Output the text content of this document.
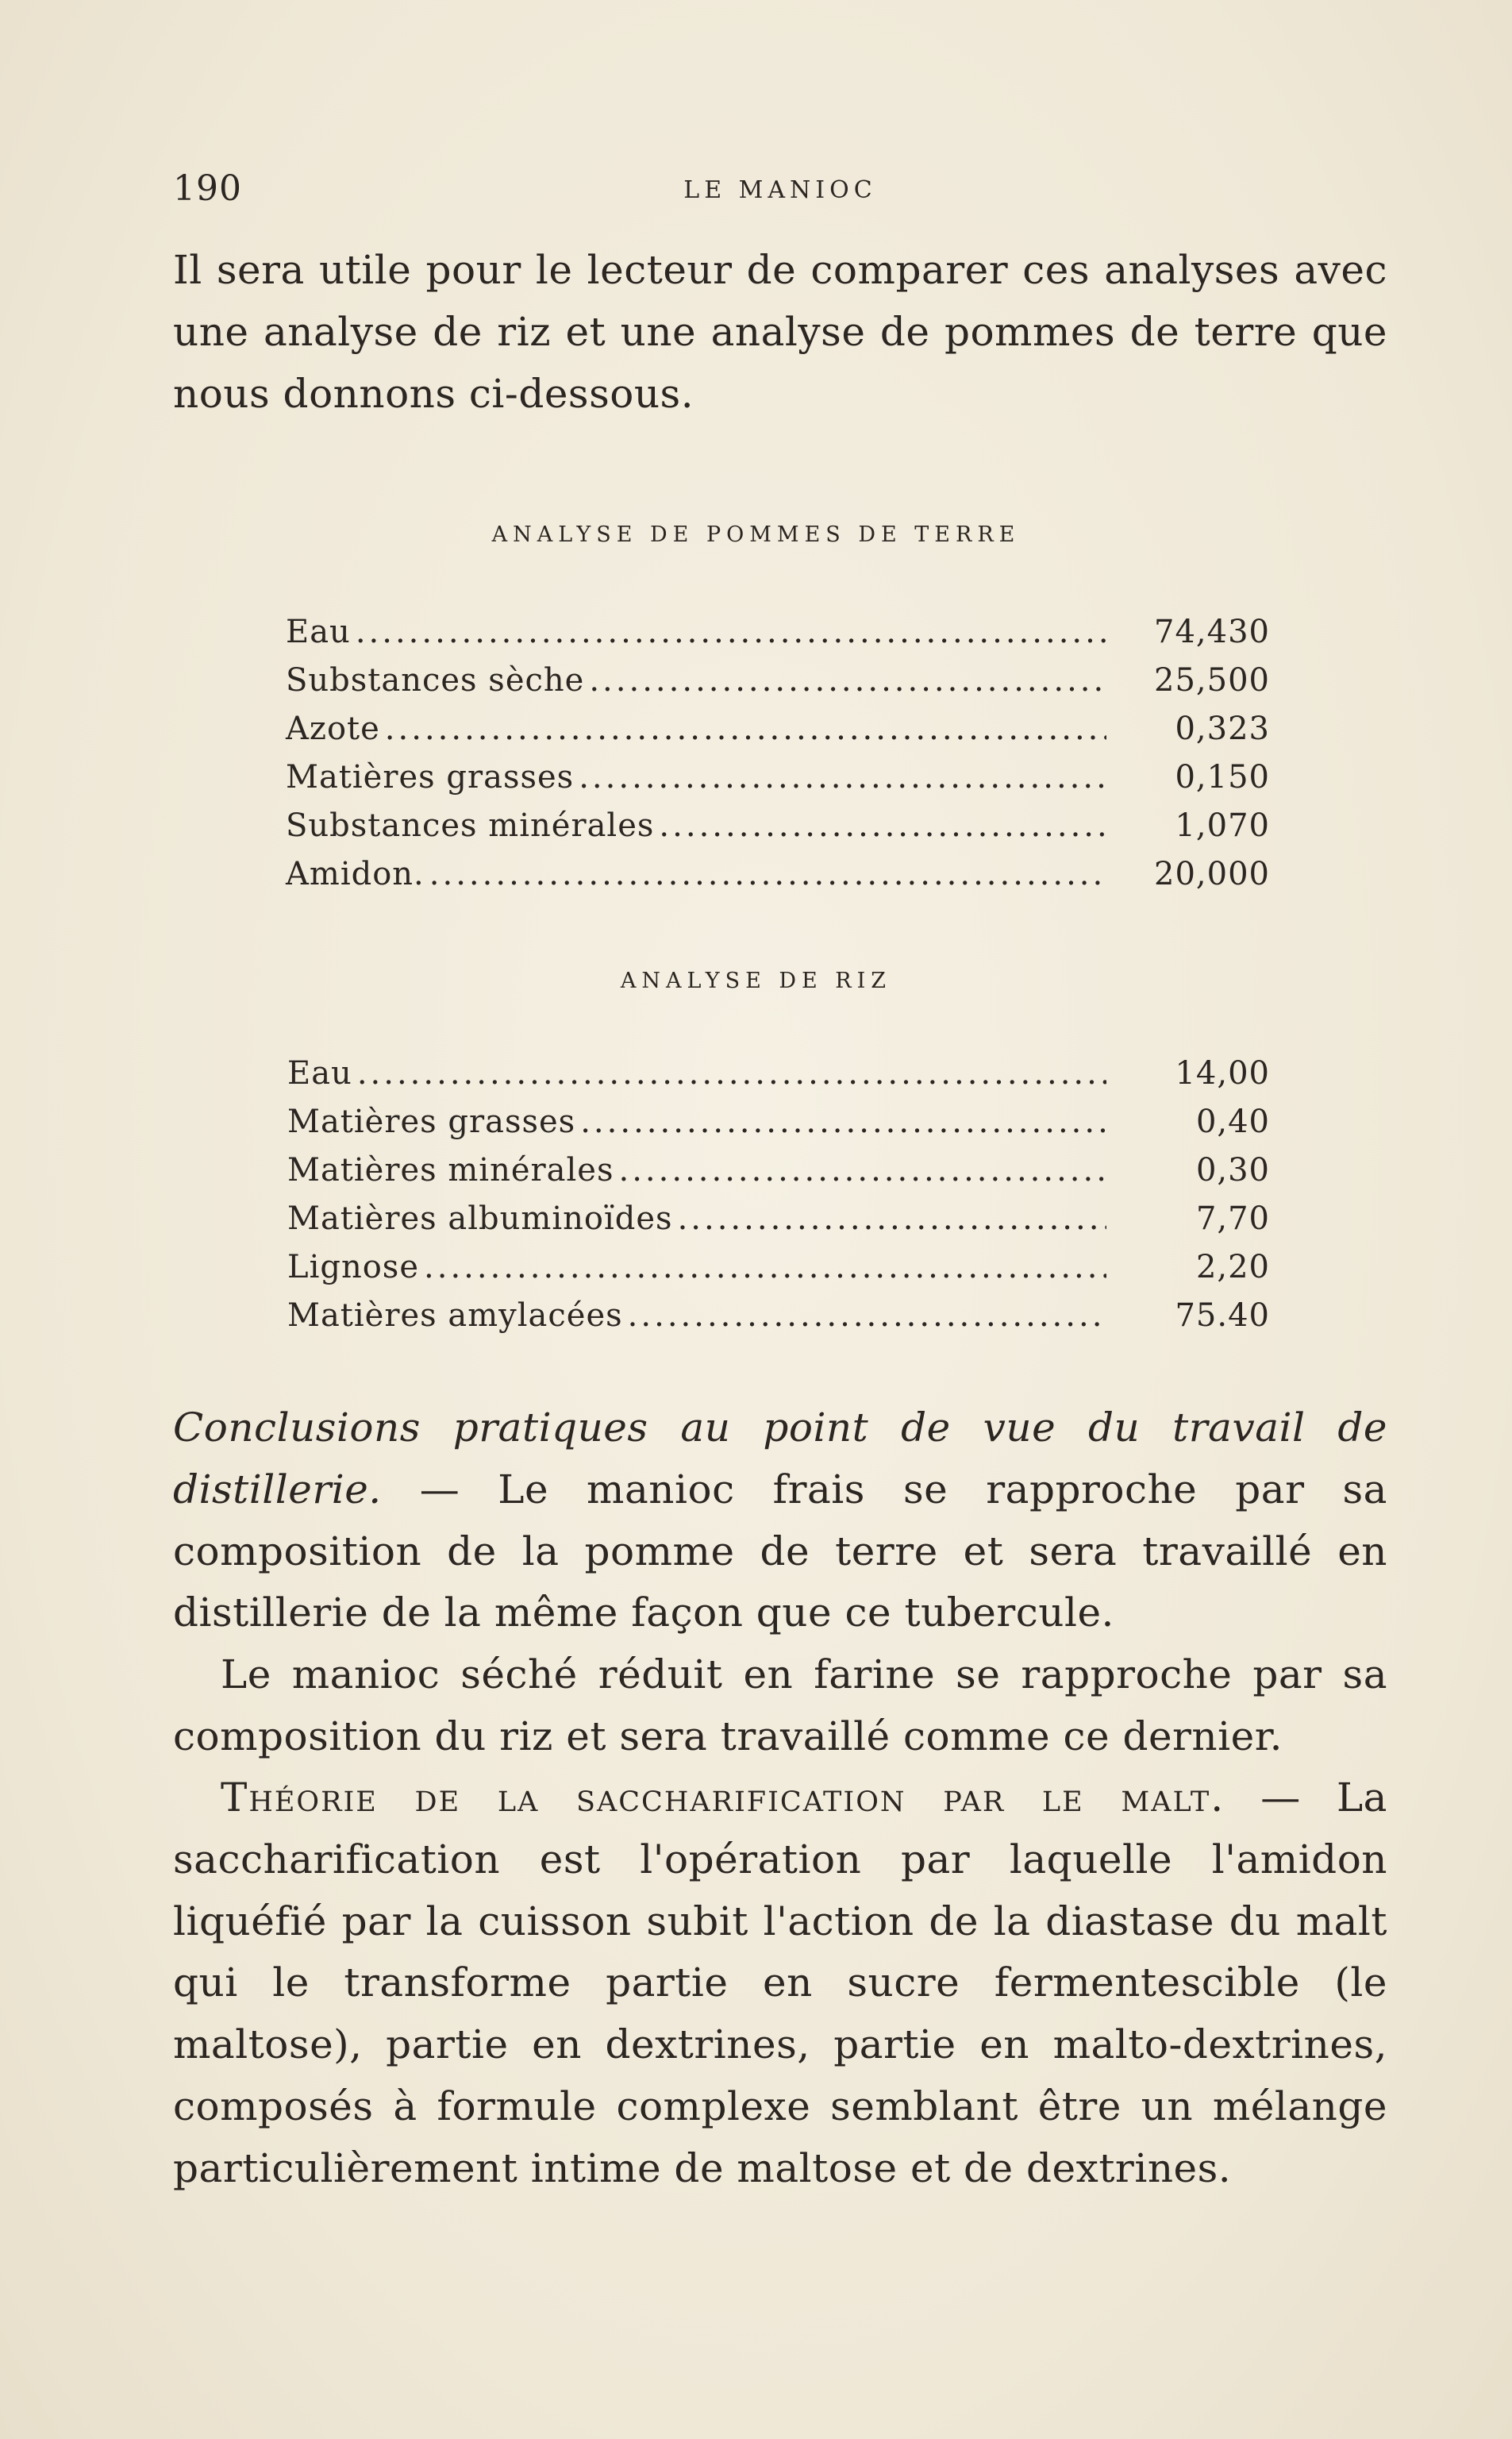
190	LE MANIOC

Il sera utile pour le lecteur de comparer ces analyses avec une analyse de riz et une analyse de pommes de terre que nous donnons ci-dessous.

ANALYSE DE POMMES DE TERRE
Eau .....	74,430
Substances sèche .....	25,500
Azote .....	0,323
Matières grasses .....	0,150
Substances minérales .....	1,070
Amidon. .....	20,000
ANALYSE DE RIZ
Eau .....	14,00
Matières grasses .....	0,40
Matières minérales .....	0,30
Matières albuminoïdes .....	7,70
Lignose .....	2,20
Matières amylacées .....	75.40

Conclusions pratiques au point de vue du travail de distillerie. — Le manioc frais se rapproche par sa composition de la pomme de terre et sera travaillé en distillerie de la même façon que ce tubercule.

Le manioc séché réduit en farine se rapproche par sa composition du riz et sera travaillé comme ce dernier.

Théorie de la saccharification par le malt. — La saccharification est l'opération par laquelle l'amidon liquéfié par la cuisson subit l'action de la diastase du malt qui le transforme partie en sucre fermentescible (le maltose), partie en dextrines, partie en malto-dextrines, composés à formule complexe semblant être un mélange particulièrement intime de maltose et de dextrines.
